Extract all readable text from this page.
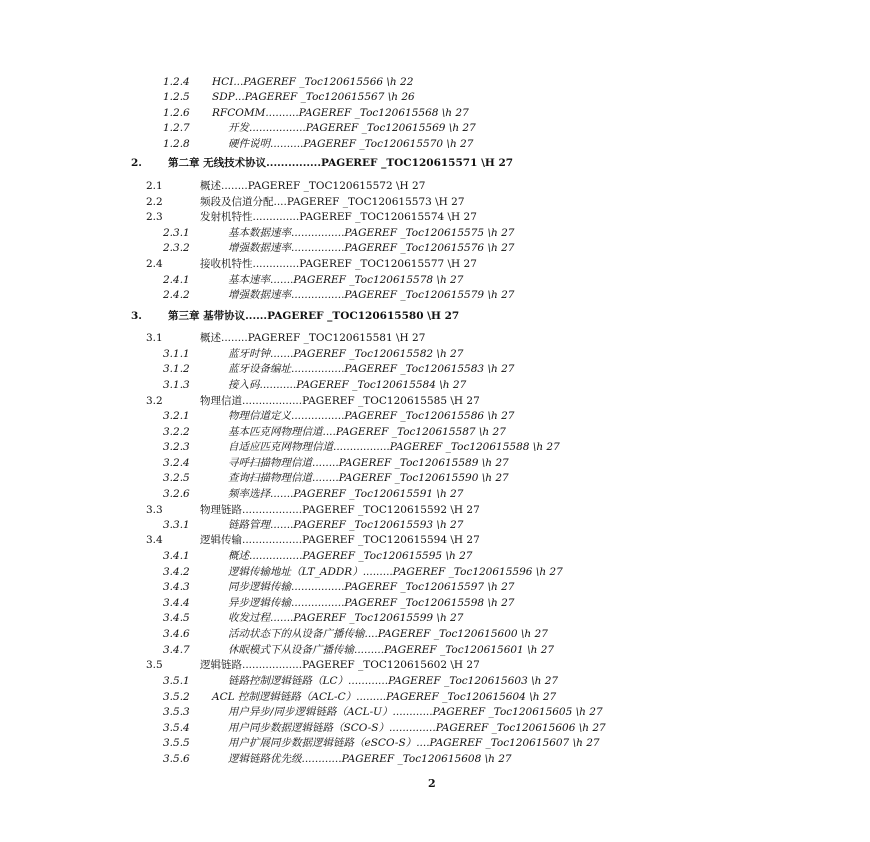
1.2.4 HCI...PAGEREF _Toc120615566 \h 22
1.2.5 SDP...PAGEREF _Toc120615567 \h 26
1.2.6 RFCOMM..........PAGEREF _Toc120615568 \h 27
1.2.7	开发.................PAGEREF _Toc120615569 \h 27
1.2.8	硬件说明..........PAGEREF _Toc120615570 \h 27
2. 第二章 无线技术协议...............PAGEREF _TOC120615571 \H 27
2.1	概述........PAGEREF _TOC120615572 \H 27
2.2	频段及信道分配....PAGEREF _TOC120615573 \H 27
2.3	发射机特性..............PAGEREF _TOC120615574 \H 27
2.3.1	基本数据速率................PAGEREF _Toc120615575 \h 27
2.3.2	增强数据速率................PAGEREF _Toc120615576 \h 27
2.4	接收机特性..............PAGEREF _TOC120615577 \H 27
2.4.1	基本速率.......PAGEREF _Toc120615578 \h 27
2.4.2	增强数据速率................PAGEREF _Toc120615579 \h 27
3. 第三章 基带协议......PAGEREF _TOC120615580 \H 27
3.1	概述........PAGEREF _TOC120615581 \H 27
3.1.1	蓝牙时钟.......PAGEREF _Toc120615582 \h 27
3.1.2	蓝牙设备编址................PAGEREF _Toc120615583 \h 27
3.1.3	接入码...........PAGEREF _Toc120615584 \h 27
3.2	物理信道..................PAGEREF _TOC120615585 \H 27
3.2.1	物理信道定义................PAGEREF _Toc120615586 \h 27
3.2.2	基本匹克网物理信道....PAGEREF _Toc120615587 \h 27
3.2.3	自适应匹克网物理信道.................PAGEREF _Toc120615588 \h 27
3.2.4	寻呼扫描物理信道........PAGEREF _Toc120615589 \h 27
3.2.5	查询扫描物理信道........PAGEREF _Toc120615590 \h 27
3.2.6	频率选择.......PAGEREF _Toc120615591 \h 27
3.3	物理链路..................PAGEREF _TOC120615592 \H 27
3.3.1	链路管理.......PAGEREF _Toc120615593 \h 27
3.4	逻辑传输..................PAGEREF _TOC120615594 \H 27
3.4.1	概述................PAGEREF _Toc120615595 \h 27
3.4.2	逻辑传输地址（LT_ADDR）.........PAGEREF _Toc120615596 \h 27
3.4.3	同步逻辑传输................PAGEREF _Toc120615597 \h 27
3.4.4	异步逻辑传输................PAGEREF _Toc120615598 \h 27
3.4.5	收发过程.......PAGEREF _Toc120615599 \h 27
3.4.6	活动状态下的从设备广播传输....PAGEREF _Toc120615600 \h 27
3.4.7	休眠模式下从设备广播传输.........PAGEREF _Toc120615601 \h 27
3.5	逻辑链路..................PAGEREF _TOC120615602 \H 27
3.5.1	链路控制逻辑链路（LC）............PAGEREF _Toc120615603 \h 27
3.5.2 ACL 控制逻辑链路（ACL-C）.........PAGEREF _Toc120615604 \h 27
3.5.3	用户异步/同步逻辑链路（ACL-U）............PAGEREF _Toc120615605 \h 27
3.5.4	用户同步数据逻辑链路（SCO-S）..............PAGEREF _Toc120615606 \h 27
3.5.5	用户扩展同步数据逻辑链路（eSCO-S）....PAGEREF _Toc120615607 \h 27
3.5.6	逻辑链路优先级............PAGEREF _Toc120615608 \h 27
2
